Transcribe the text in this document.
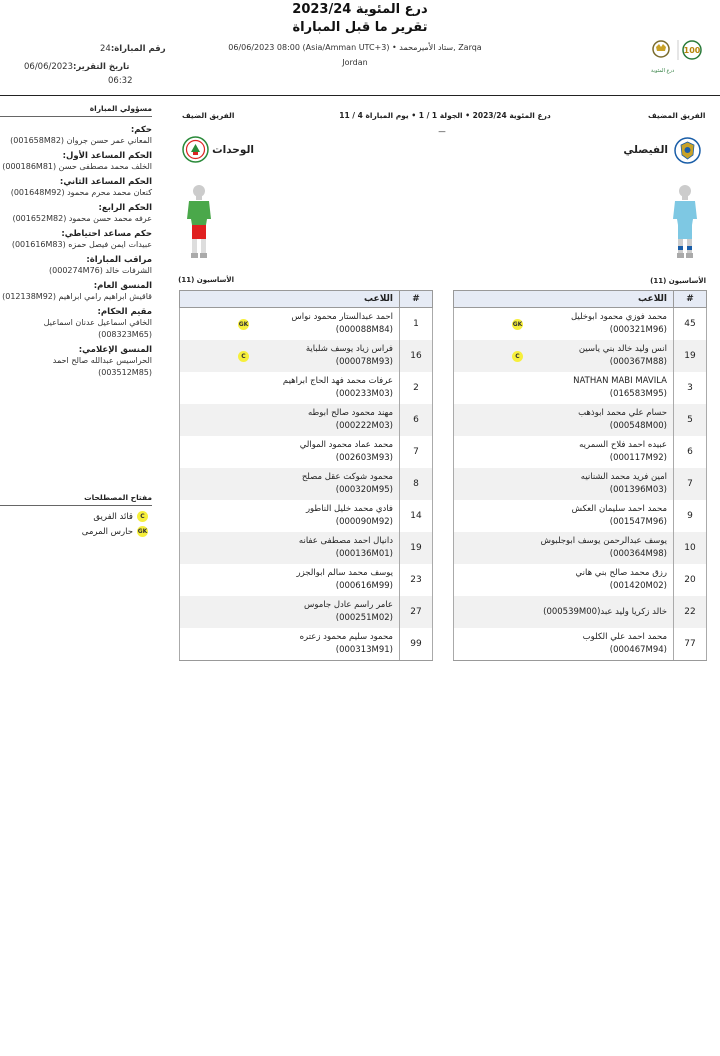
درع المئوية 2023/24
تقرير ما قبل المباراة
رقم المباراة:24
تاريخ التقرير:06/06/2023
06:32
06/06/2023 08:00 (Asia/Amman UTC+3) • ستاد الأميرمحمد, Zarqa
Jordan
100
درع المئوية
مسؤولي المباراة
حكم:
المعاني عمر حسن جروان (001658M82)
الحكم المساعد الأول:
الخلف محمد مصطفى حسن (000186M81)
الحكم المساعد الثاني:
كنعان محمد محرم محمود (001648M92)
الحكم الرابع:
عرفه محمد حسن محمود (001652M82)
حكم مساعد احتياطي:
عبيدات ايمن فيصل حمزه (001616M83)
مراقب المباراة:
الشرفات خالد (000274M76)
المنسق العام:
قاقيش ابراهيم رامي ابراهيم (012138M92)
مقيم الحكام:
الخافي اسماعيل عدنان اسماعيل (008323M65)
المنسق الإعلامي:
الحراسيس عبدالله صالح احمد (003512M85)
مفتاح المصطلحات
C
قائد الفريق
GK
حارس المرمى
الفريق المضيف
الفريق الضيف	درع المئوية 2023/24 • الجولة 1 / 1 • يوم المباراة 4 / 11
—
الفيصلي
الوحدات
الأساسيون (11)
الأساسيون (11)
#	اللاعب
45	محمد فوزي محمود ابوخليل
(000321M96)
GK

19	انس وليد خالد بني ياسين
(000367M88)
C

3	NATHAN MABI MAVILA
(016583M95)

5	حسام علي محمد ابوذهب
(000548M00)

6	عبيده احمد فلاح السمريه
(000117M92)

7	امين فريد محمد الشنانيه
(001396M03)

9	محمد احمد سليمان العكش
(001547M96)

10	يوسف عبدالرحمن يوسف ابوجلبوش
(000364M98)

20	رزق محمد صالح بني هاني
(001420M02)

22	خالد زكريا وليد عبد(000539M00)

77	محمد احمد علي الكلوب
(000467M94)
#	اللاعب
1	احمد عبدالستار محمود نواس
(000088M84)
GK

16	فراس زياد يوسف شلباية
(000078M93)
C

2	عرفات محمد فهد الحاج ابراهيم
(000233M03)

6	مهند محمود صالح ابوطه
(000222M03)

7	محمد عماد محمود الموالي
(002603M93)

8	محمود شوكت عقل مصلح
(000320M95)

14	فادي محمد خليل الناطور
(000090M92)

19	دانيال احمد مصطفى عفانه
(000136M01)

23	يوسف محمد سالم ابوالجزر
(000616M99)

27	عامر راسم عادل جاموس
(000251M02)

99	محمود سليم محمود زعتره
(000313M91)
